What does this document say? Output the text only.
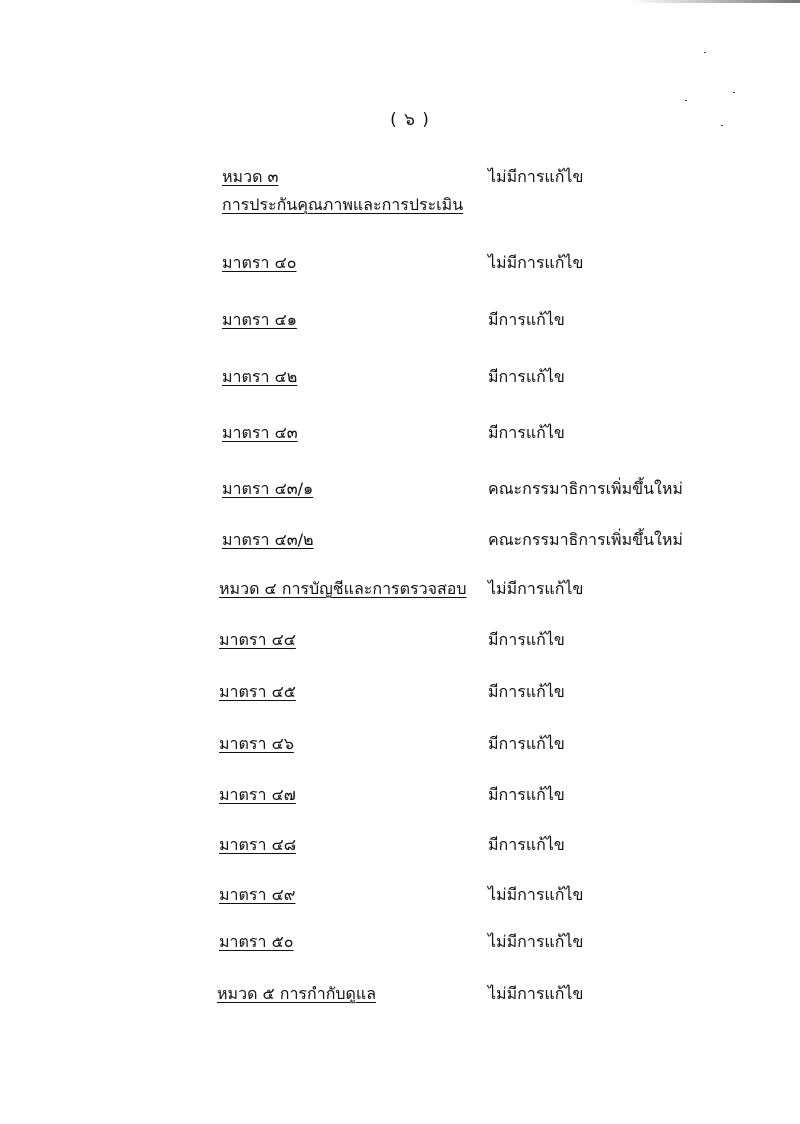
( ๖ )
หมวด ๓	ไม่มีการแก้ไข
การประกันคุณภาพและการประเมิน
มาตรา ๔๐	ไม่มีการแก้ไข
มาตรา ๔๑	มีการแก้ไข
มาตรา ๔๒	มีการแก้ไข
มาตรา ๔๓	มีการแก้ไข
มาตรา ๔๓/๑	คณะกรรมาธิการเพิ่มขึ้นใหม่
มาตรา ๔๓/๒	คณะกรรมาธิการเพิ่มขึ้นใหม่
หมวด ๔ การบัญชีและการตรวจสอบ ไม่มีการแก้ไข
มาตรา ๔๔	มีการแก้ไข
มาตรา ๔๕	มีการแก้ไข
มาตรา ๔๖	มีการแก้ไข
มาตรา ๔๗	มีการแก้ไข
มาตรา ๔๘	มีการแก้ไข
มาตรา ๔๙	ไม่มีการแก้ไข
มาตรา ๕๐	ไม่มีการแก้ไข
หมวด ๕ การกำกับดูแล	ไม่มีการแก้ไข
